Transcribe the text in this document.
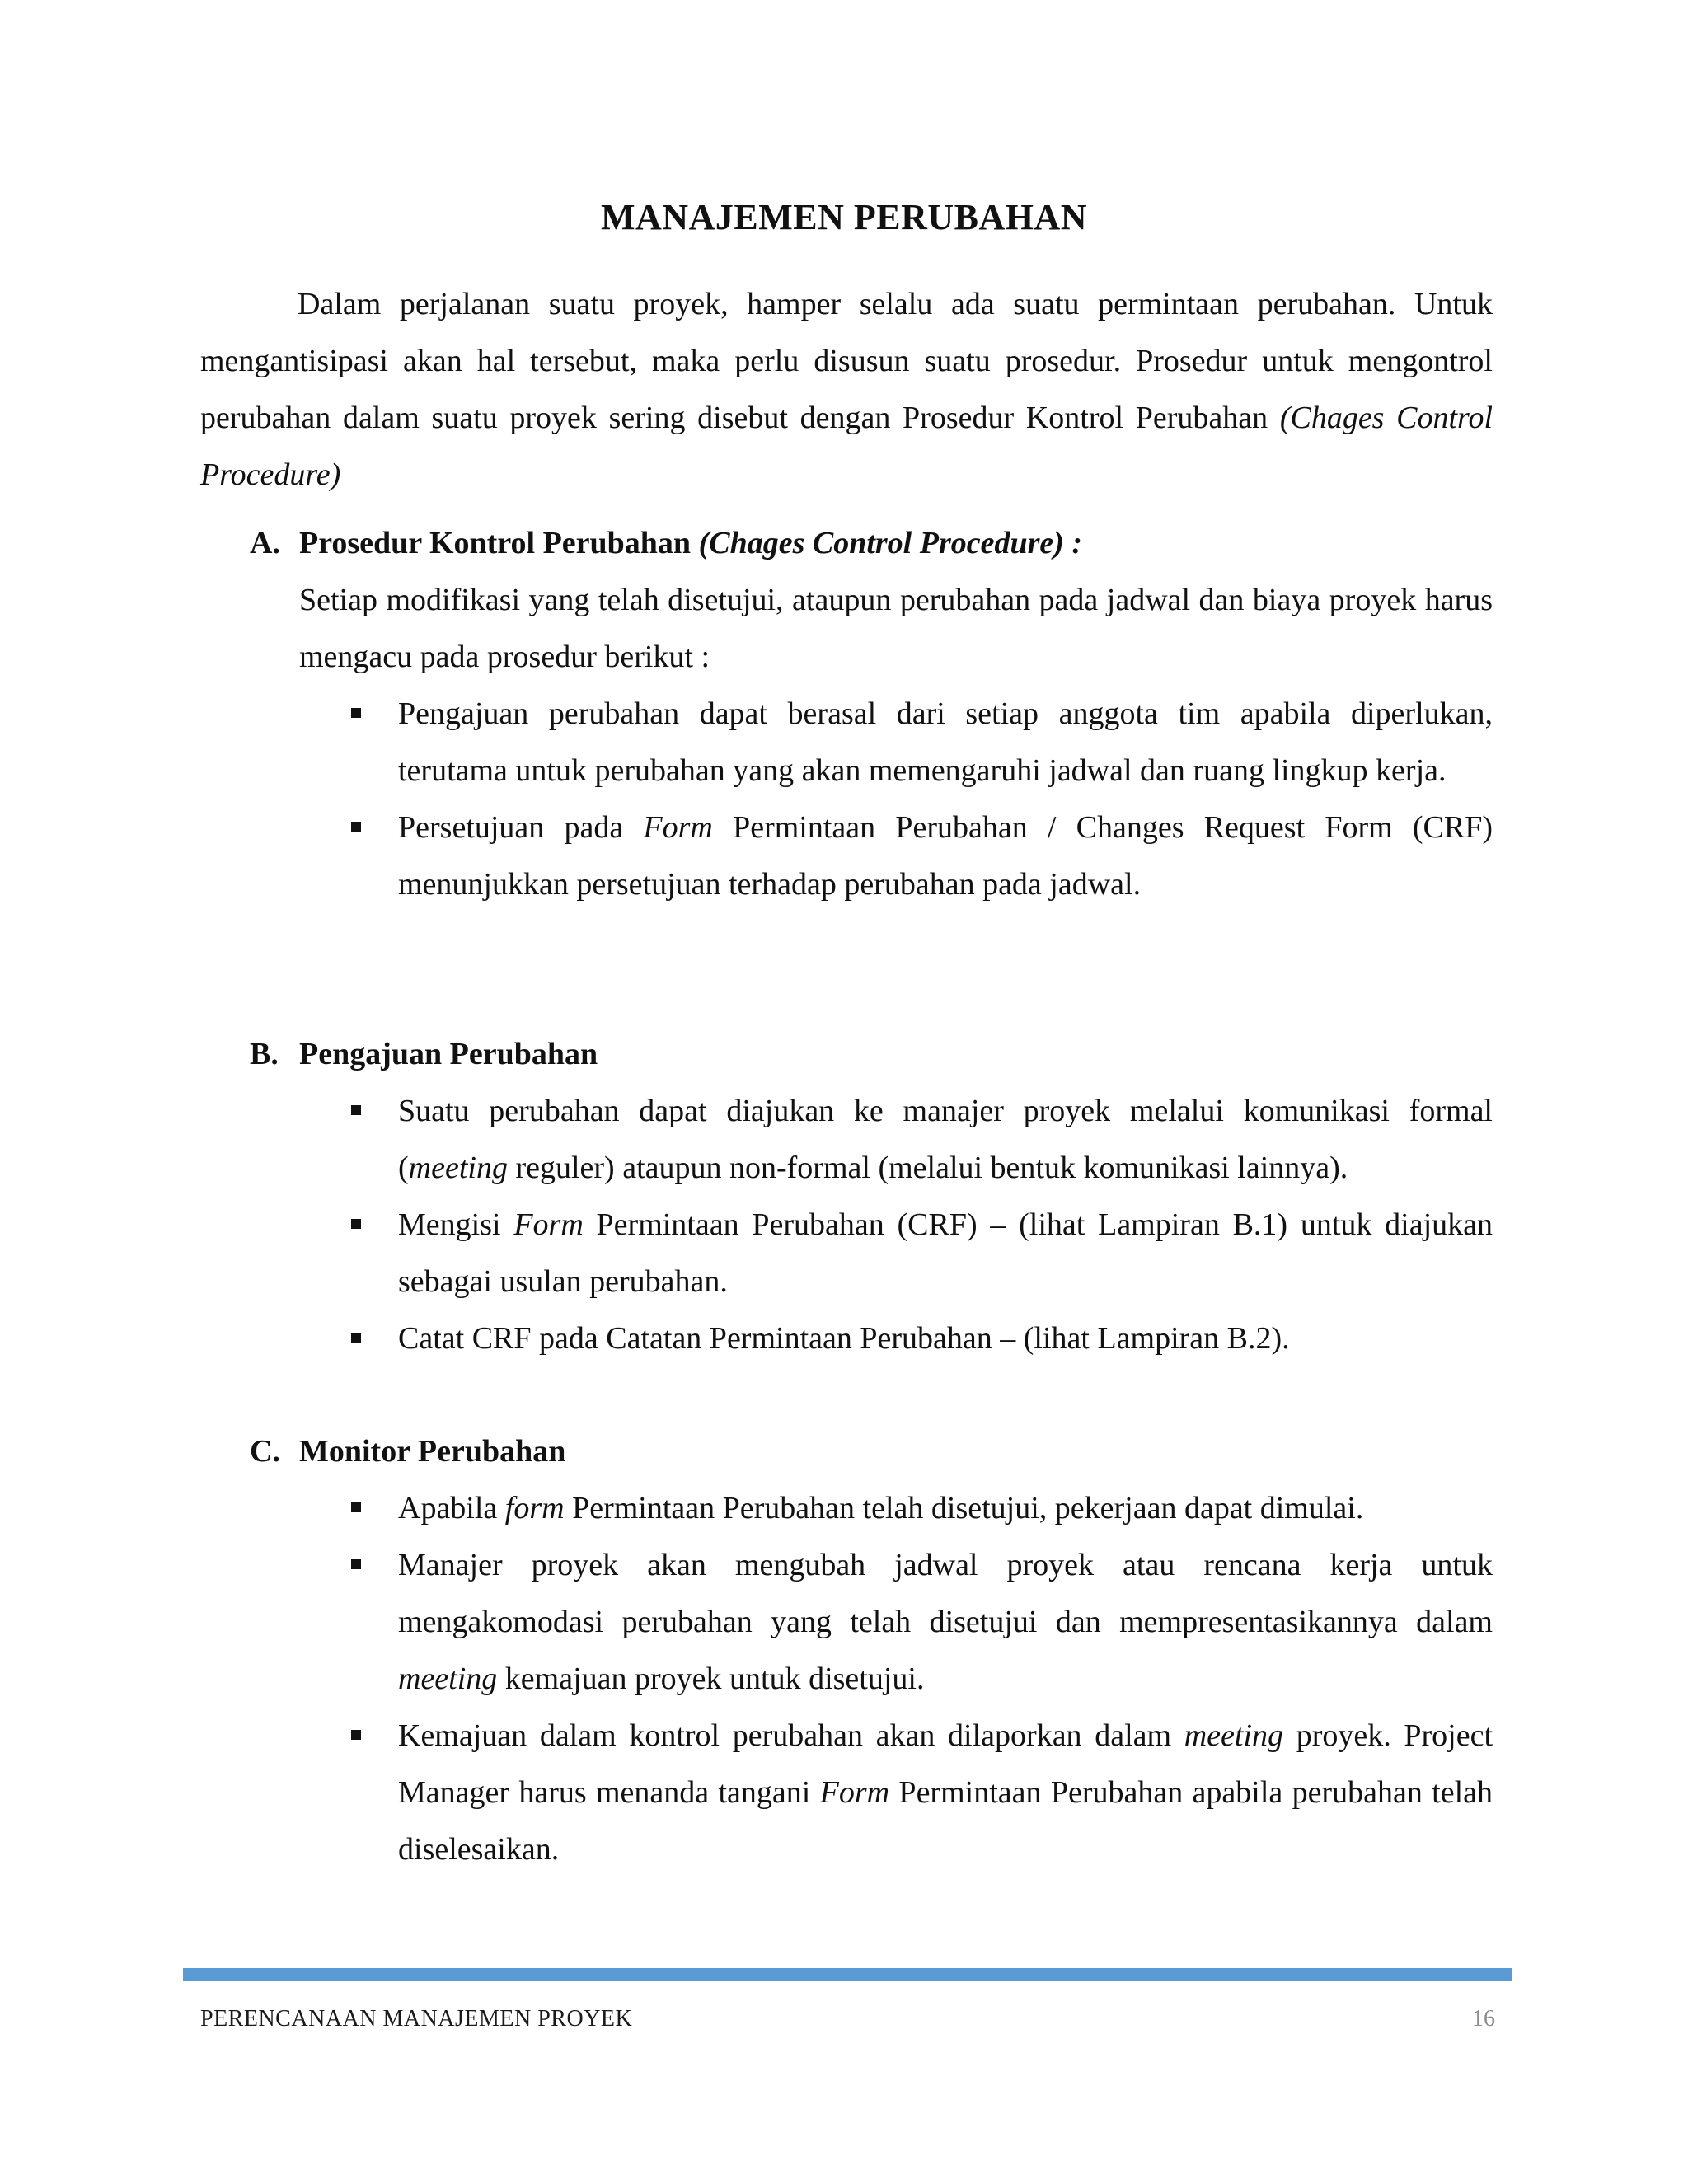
MANAJEMEN PERUBAHAN

Dalam perjalanan suatu proyek, hamper selalu ada suatu permintaan perubahan. Untuk mengantisipasi akan hal tersebut, maka perlu disusun suatu prosedur. Prosedur untuk mengontrol perubahan dalam suatu proyek sering disebut dengan Prosedur Kontrol Perubahan (Chages Control Procedure)

A. Prosedur Kontrol Perubahan (Chages Control Procedure) :

Setiap modifikasi yang telah disetujui, ataupun perubahan pada jadwal dan biaya proyek harus mengacu pada prosedur berikut :

Pengajuan perubahan dapat berasal dari setiap anggota tim apabila diperlukan, terutama untuk perubahan yang akan memengaruhi jadwal dan ruang lingkup kerja.
Persetujuan pada Form Permintaan Perubahan / Changes Request Form (CRF) menunjukkan persetujuan terhadap perubahan pada jadwal.
B. Pengajuan Perubahan
Suatu perubahan dapat diajukan ke manajer proyek melalui komunikasi formal (meeting reguler) ataupun non-formal (melalui bentuk komunikasi lainnya).
Mengisi Form Permintaan Perubahan (CRF) – (lihat Lampiran B.1) untuk diajukan sebagai usulan perubahan.
Catat CRF pada Catatan Permintaan Perubahan – (lihat Lampiran B.2).
C. Monitor Perubahan
Apabila form Permintaan Perubahan telah disetujui, pekerjaan dapat dimulai.
Manajer proyek akan mengubah jadwal proyek atau rencana kerja untuk mengakomodasi perubahan yang telah disetujui dan mempresentasikannya dalam meeting kemajuan proyek untuk disetujui.
Kemajuan dalam kontrol perubahan akan dilaporkan dalam meeting proyek. Project Manager harus menanda tangani Form Permintaan Perubahan apabila perubahan telah diselesaikan.
PERENCANAAN MANAJEMEN PROYEK	16
